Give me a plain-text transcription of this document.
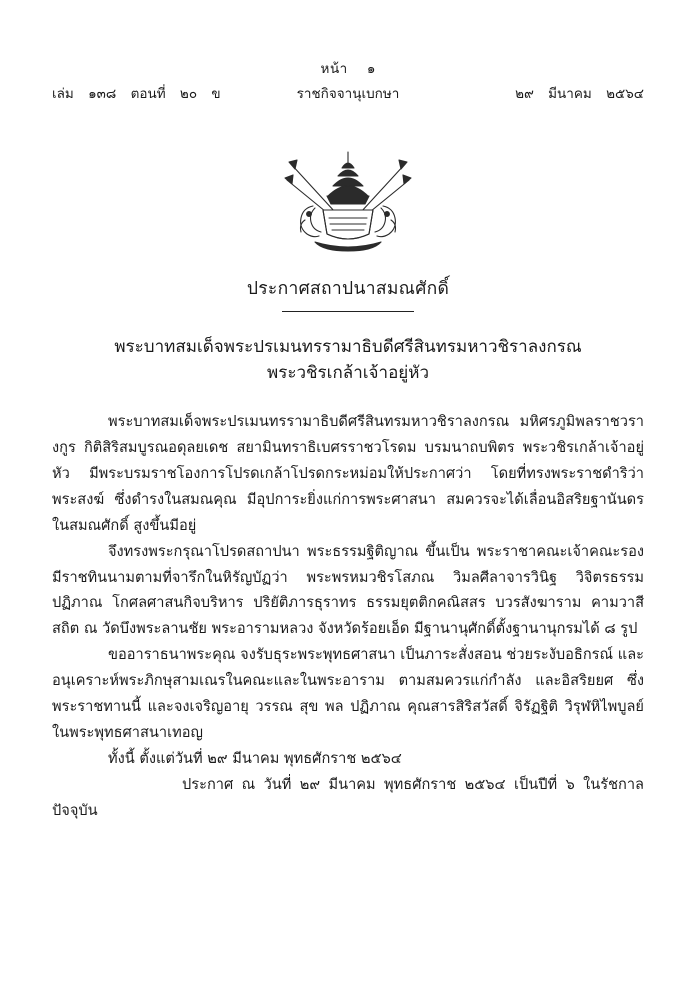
หน้า ๑
เล่ม ๑๓๘ ตอนที่ ๒๐ ข	ราชกิจจานุเบกษา	๒๙ มีนาคม ๒๕๖๔
ประกาศสถาปนาสมณศักดิ์
พระบาทสมเด็จพระปรเมนทรรามาธิบดีศรีสินทรมหาวชิราลงกรณ
พระวชิรเกล้าเจ้าอยู่หัว

พระบาทสมเด็จพระปรเมนทรรามาธิบดีศรีสินทรมหาวชิราลงกรณ มหิศรภูมิพลราชวรางกูร กิติสิริสมบูรณอดุลยเดช สยามินทราธิเบศรราชวโรดม บรมนาถบพิตร พระวชิรเกล้าเจ้าอยู่หัว มีพระบรมราชโองการโปรดเกล้าโปรดกระหม่อมให้ประกาศว่า โดยที่ทรงพระราชดำริว่า พระสงฆ์ ซึ่งดำรงในสมณคุณ มีอุปการะยิ่งแก่การพระศาสนา สมควรจะได้เลื่อนอิสริยฐานันดรในสมณศักดิ์ สูงขึ้นมีอยู่

จึงทรงพระกรุณาโปรดสถาปนา พระธรรมฐิติญาณ ขึ้นเป็น พระราชาคณะเจ้าคณะรอง มีราชทินนามตามที่จารึกในหิรัญบัฏว่า พระพรหมวชิรโสภณ วิมลศีลาจารวินิฐ วิจิตรธรรมปฏิภาณ โกศลศาสนกิจบริหาร ปริยัติภารธุราทร ธรรมยุตติกคณิสสร บวรสังฆาราม คามวาสี สถิต ณ วัดบึงพระลานชัย พระอารามหลวง จังหวัดร้อยเอ็ด มีฐานานุศักดิ์ตั้งฐานานุกรมได้ ๘ รูป

ขออาราธนาพระคุณ จงรับธุระพระพุทธศาสนา เป็นภาระสั่งสอน ช่วยระงับอธิกรณ์ และอนุเคราะห์พระภิกษุสามเณรในคณะและในพระอาราม ตามสมควรแก่กำลัง และอิสริยยศ ซึ่งพระราชทานนี้ และจงเจริญอายุ วรรณ สุข พล ปฏิภาณ คุณสารสิริสวัสดิ์ จิรัฏฐิติ วิรุฬหิไพบูลย์ ในพระพุทธศาสนาเทอญ

ทั้งนี้ ตั้งแต่วันที่ ๒๙ มีนาคม พุทธศักราช ๒๕๖๔

ประกาศ ณ วันที่ ๒๙ มีนาคม พุทธศักราช ๒๕๖๔ เป็นปีที่ ๖ ในรัชกาลปัจจุบัน
